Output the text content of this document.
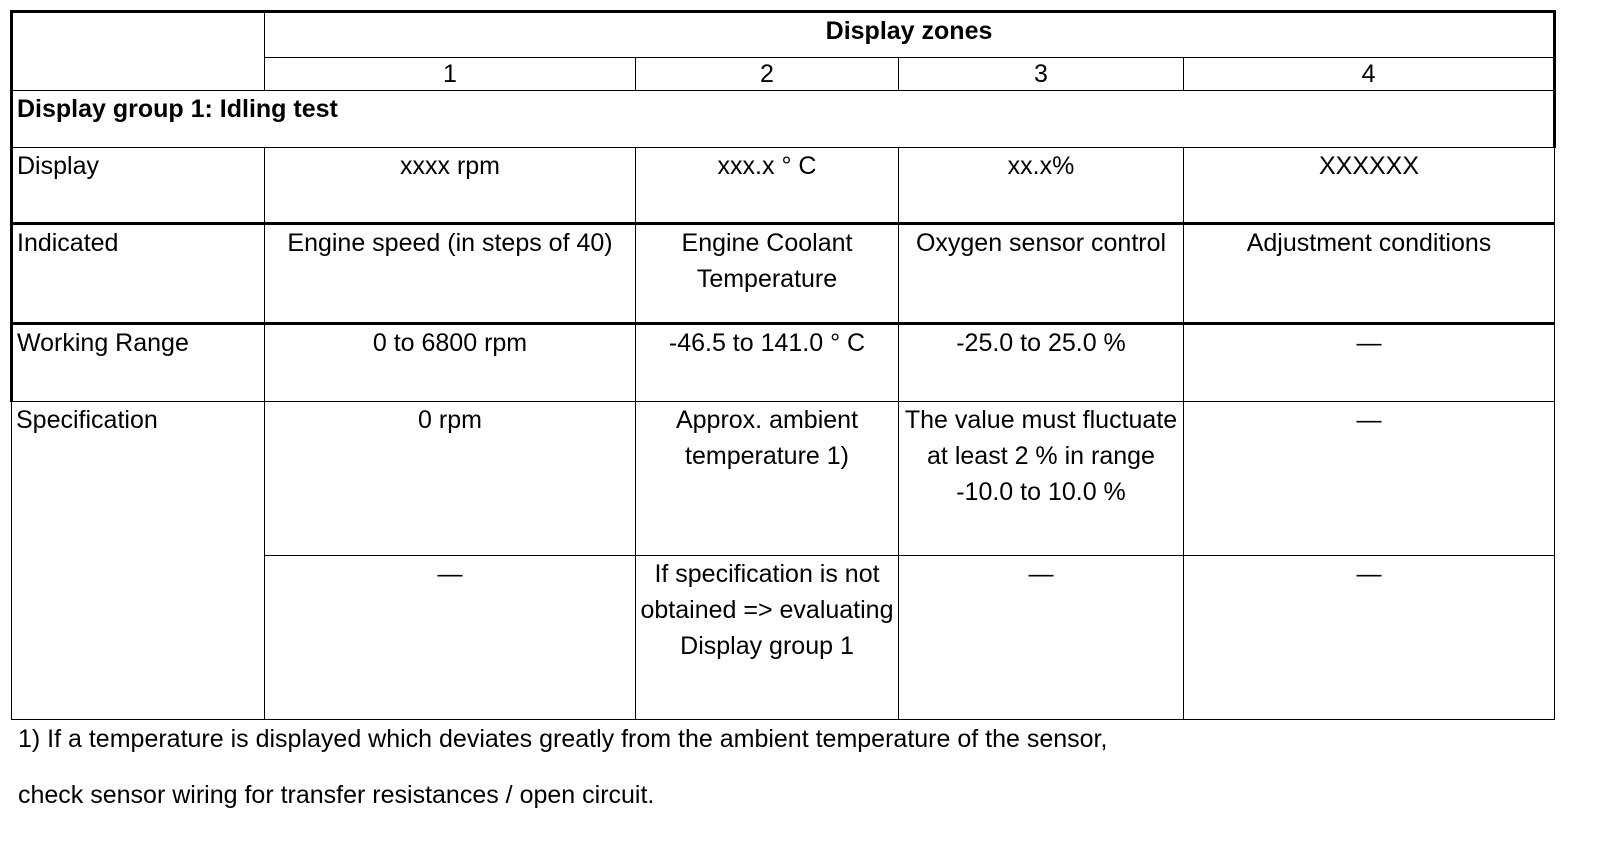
	Display zones			
	1	2	3	4
Display group 1: Idling test				
Display	xxxx rpm	xxx.x ° C	xx.x%	XXXXXX
Indicated	Engine speed (in steps of 40)	Engine Coolant Temperature	Oxygen sensor control	Adjustment conditions
Working Range	0 to 6800 rpm	-46.5 to 141.0 ° C	-25.0 to 25.0 %	—
Specification	0 rpm	Approx. ambient temperature 1)	The value must fluctuate at least 2 % in range -10.0 to 10.0 %	—
	—	If specification is not obtained => evaluating Display group 1	—	—
1) If a temperature is displayed which deviates greatly from the ambient temperature of the sensor,
check sensor wiring for transfer resistances / open circuit.
